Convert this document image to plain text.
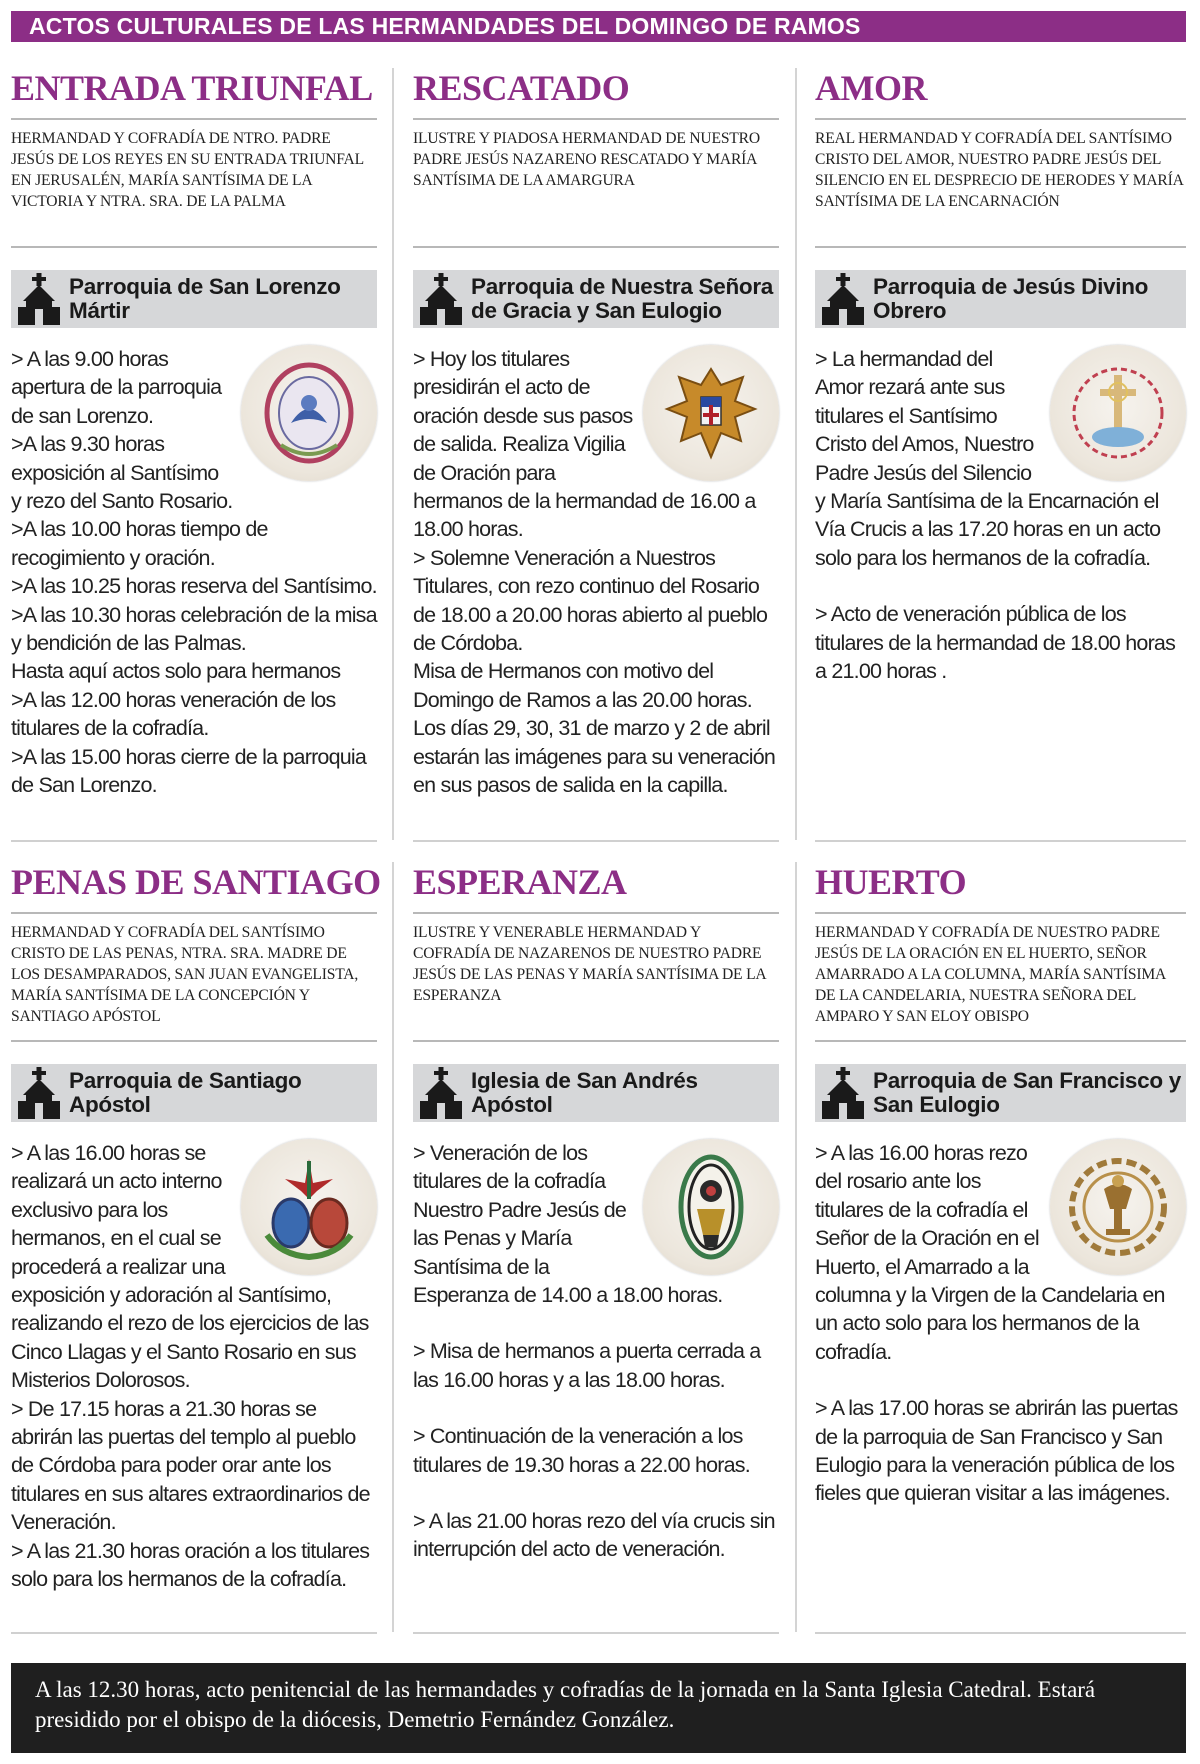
ACTOS CULTURALES DE LAS HERMANDADES DEL DOMINGO DE RAMOS
ENTRADA TRIUNFAL
HERMANDAD Y COFRADÍA DE NTRO. PADRE JESÚS DE LOS REYES EN SU ENTRADA TRIUNFAL EN JERUSALÉN, MARÍA SANTÍSIMA DE LA VICTORIA Y NTRA. SRA. DE LA PALMA
Parroquia de San Lorenzo Mártir

> A las 9.00 horas apertura de la parroquia de san Lorenzo.

>A las 9.30 horas exposición al Santísimo y rezo del Santo Rosario.

>A las 10.00 horas tiempo de recogimiento y oración.

>A las 10.25 horas reserva del Santísimo.

>A las 10.30 horas celebración de la misa y bendición de las Palmas.

Hasta aquí actos solo para hermanos

>A las 12.00 horas veneración de los titulares de la cofradía.

>A las 15.00 horas cierre de la parroquia de San Lorenzo.

RESCATADO
ILUSTRE Y PIADOSA HERMANDAD DE NUESTRO PADRE JESÚS NAZARENO RESCATADO Y MARÍA SANTÍSIMA DE LA AMARGURA
Parroquia de Nuestra Señora de Gracia y San Eulogio

> Hoy los titulares presidirán el acto de oración desde sus pasos de salida. Realiza Vigilia de Oración para hermanos de la hermandad de 16.00 a 18.00 horas.

> Solemne Veneración a Nuestros Titulares, con rezo continuo del Rosario de 18.00 a 20.00 horas abierto al pueblo de Córdoba.

Misa de Hermanos con motivo del Domingo de Ramos a las 20.00 horas. Los días 29, 30, 31 de marzo y 2 de abril estarán las imágenes para su veneración en sus pasos de salida en la capilla.

AMOR
REAL HERMANDAD Y COFRADÍA DEL SANTÍSIMO CRISTO DEL AMOR, NUESTRO PADRE JESÚS DEL SILENCIO EN EL DESPRECIO DE HERODES Y MARÍA SANTÍSIMA DE LA ENCARNACIÓN
Parroquia de Jesús Divino Obrero

> La hermandad del Amor rezará ante sus titulares el Santísimo Cristo del Amos, Nuestro Padre Jesús del Silencio y María Santísima de la Encarnación el Vía Crucis a las 17.20 horas en un acto solo para los hermanos de la cofradía.

> Acto de veneración pública de los titulares de la hermandad de 18.00 horas a 21.00 horas .

PENAS DE SANTIAGO
HERMANDAD Y COFRADÍA DEL SANTÍSIMO CRISTO DE LAS PENAS, NTRA. SRA. MADRE DE LOS DESAMPARADOS, SAN JUAN EVANGELISTA, MARÍA SANTÍSIMA DE LA CONCEPCIÓN Y SANTIAGO APÓSTOL
Parroquia de Santiago Apóstol

> A las 16.00 horas se realizará un acto interno exclusivo para los hermanos, en el cual se procederá a realizar una exposición y adoración al Santísimo, realizando el rezo de los ejercicios de las Cinco Llagas y el Santo Rosario en sus Misterios Dolorosos.

> De 17.15 horas a 21.30 horas se abrirán las puertas del templo al pueblo de Córdoba para poder orar ante los titulares en sus altares extraordinarios de Veneración.

> A las 21.30 horas oración a los titulares solo para los hermanos de la cofradía.

ESPERANZA
ILUSTRE Y VENERABLE HERMANDAD Y COFRADÍA DE NAZARENOS DE NUESTRO PADRE JESÚS DE LAS PENAS Y MARÍA SANTÍSIMA DE LA ESPERANZA
Iglesia de San Andrés Apóstol

> Veneración de los titulares de la cofradía Nuestro Padre Jesús de las Penas y María Santísima de la Esperanza de 14.00 a 18.00 horas.

> Misa de hermanos a puerta cerrada a las 16.00 horas y a las 18.00 horas.

> Continuación de la veneración a los titulares de 19.30 horas a 22.00 horas.

> A las 21.00 horas rezo del vía crucis sin interrupción del acto de veneración.

HUERTO
HERMANDAD Y COFRADÍA DE NUESTRO PADRE JESÚS DE LA ORACIÓN EN EL HUERTO, SEÑOR AMARRADO A LA COLUMNA, MARÍA SANTÍSIMA DE LA CANDELARIA, NUESTRA SEÑORA DEL AMPARO Y SAN ELOY OBISPO
Parroquia de San Francisco y San Eulogio

> A las 16.00 horas rezo del rosario ante los titulares de la cofradía el Señor de la Oración en el Huerto, el Amarrado a la columna y la Virgen de la Candelaria en un acto solo para los hermanos de la cofradía.

> A las 17.00 horas se abrirán las puertas de la parroquia de San Francisco y San Eulogio para la veneración pública de los fieles que quieran visitar a las imágenes.

A las 12.30 horas, acto penitencial de las hermandades y cofradías de la jornada en la Santa Iglesia Catedral. Estará presidido por el obispo de la diócesis, Demetrio Fernández González.
